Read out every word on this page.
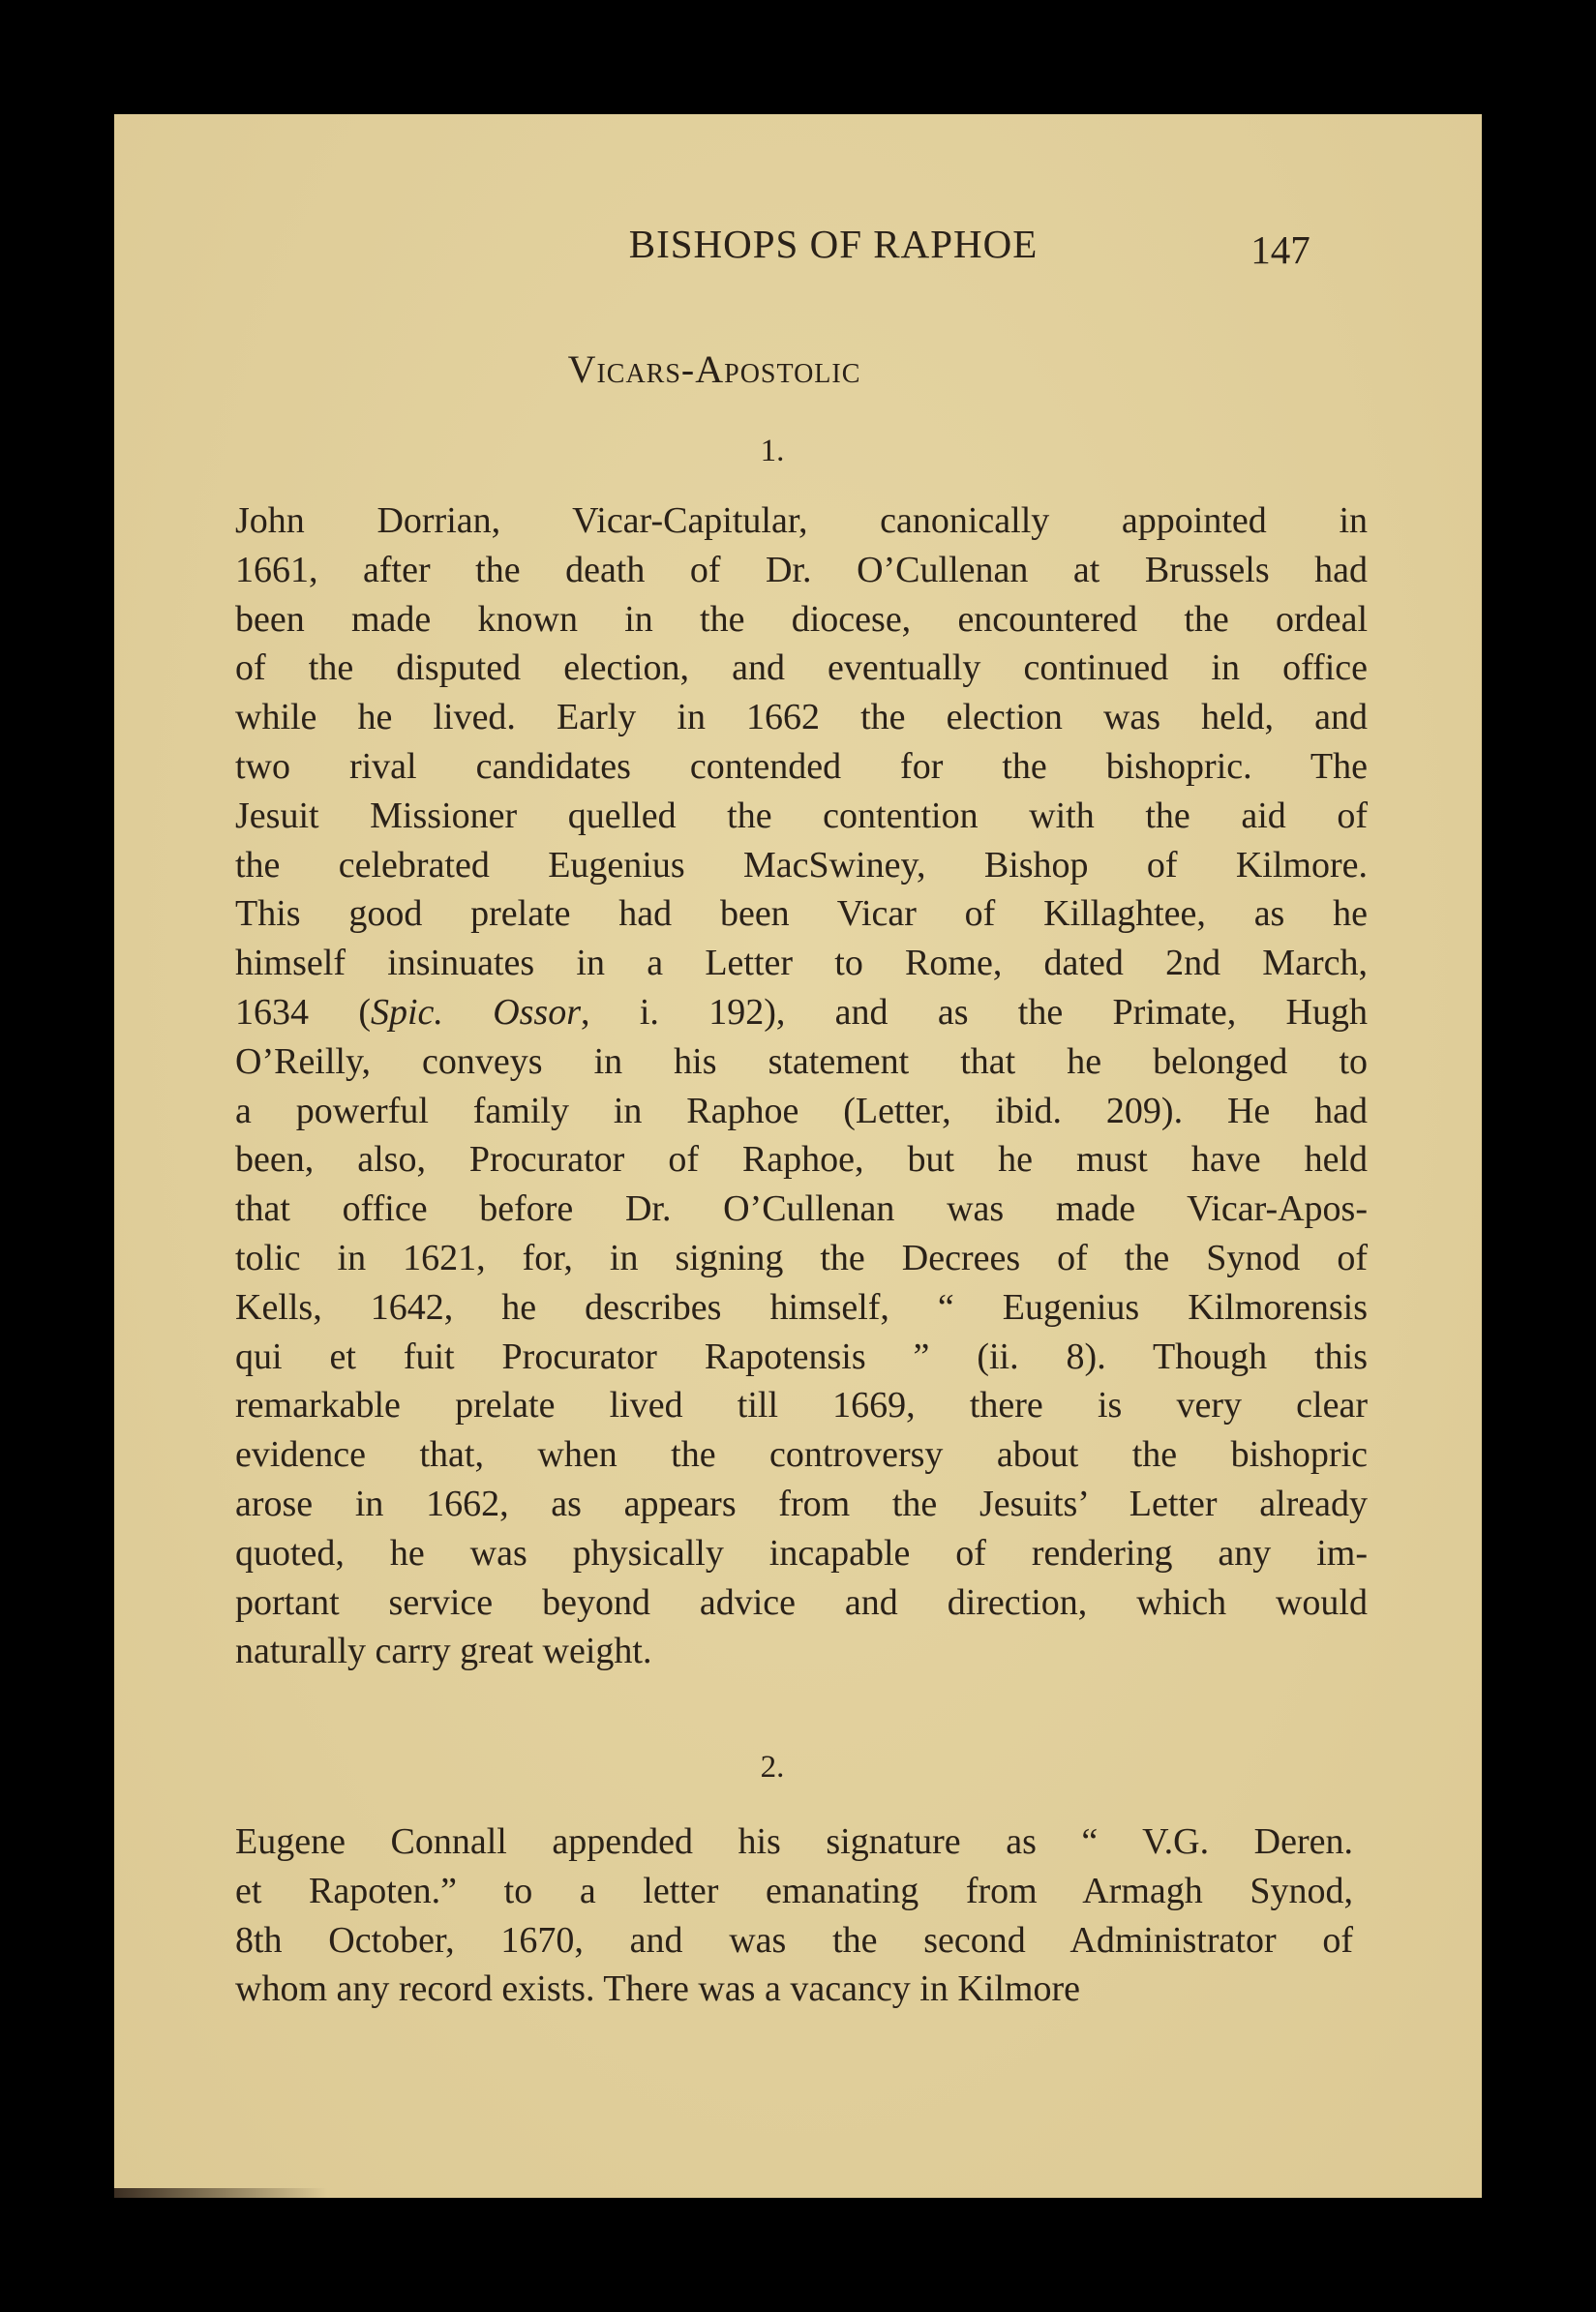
BISHOPS OF RAPHOE	147
Vicars-Apostolic
1.
John Dorrian, Vicar-Capitular, canonically appointed in
1661, after the death of Dr. O’Cullenan at Brussels had
been made known in the diocese, encountered the ordeal
of the disputed election, and eventually continued in office
while he lived. Early in 1662 the election was held, and
two rival candidates contended for the bishopric. The
Jesuit Missioner quelled the contention with the aid of
the celebrated Eugenius MacSwiney, Bishop of Kilmore.
This good prelate had been Vicar of Killaghtee, as he
himself insinuates in a Letter to Rome, dated 2nd March,
1634 (Spic. Ossor, i. 192), and as the Primate, Hugh
O’Reilly, conveys in his statement that he belonged to
a powerful family in Raphoe (Letter, ibid. 209). He had
been, also, Procurator of Raphoe, but he must have held
that office before Dr. O’Cullenan was made Vicar-Apos-
tolic in 1621, for, in signing the Decrees of the Synod of
Kells, 1642, he describes himself, “ Eugenius Kilmorensis
qui et fuit Procurator Rapotensis ” (ii. 8). Though this
remarkable prelate lived till 1669, there is very clear
evidence that, when the controversy about the bishopric
arose in 1662, as appears from the Jesuits’ Letter already
quoted, he was physically incapable of rendering any im-
portant service beyond advice and direction, which would
naturally carry great weight.
2.
Eugene Connall appended his signature as “ V.G. Deren.
et Rapoten.” to a letter emanating from Armagh Synod,
8th October, 1670, and was the second Administrator of
whom any record exists. There was a vacancy in Kilmore
